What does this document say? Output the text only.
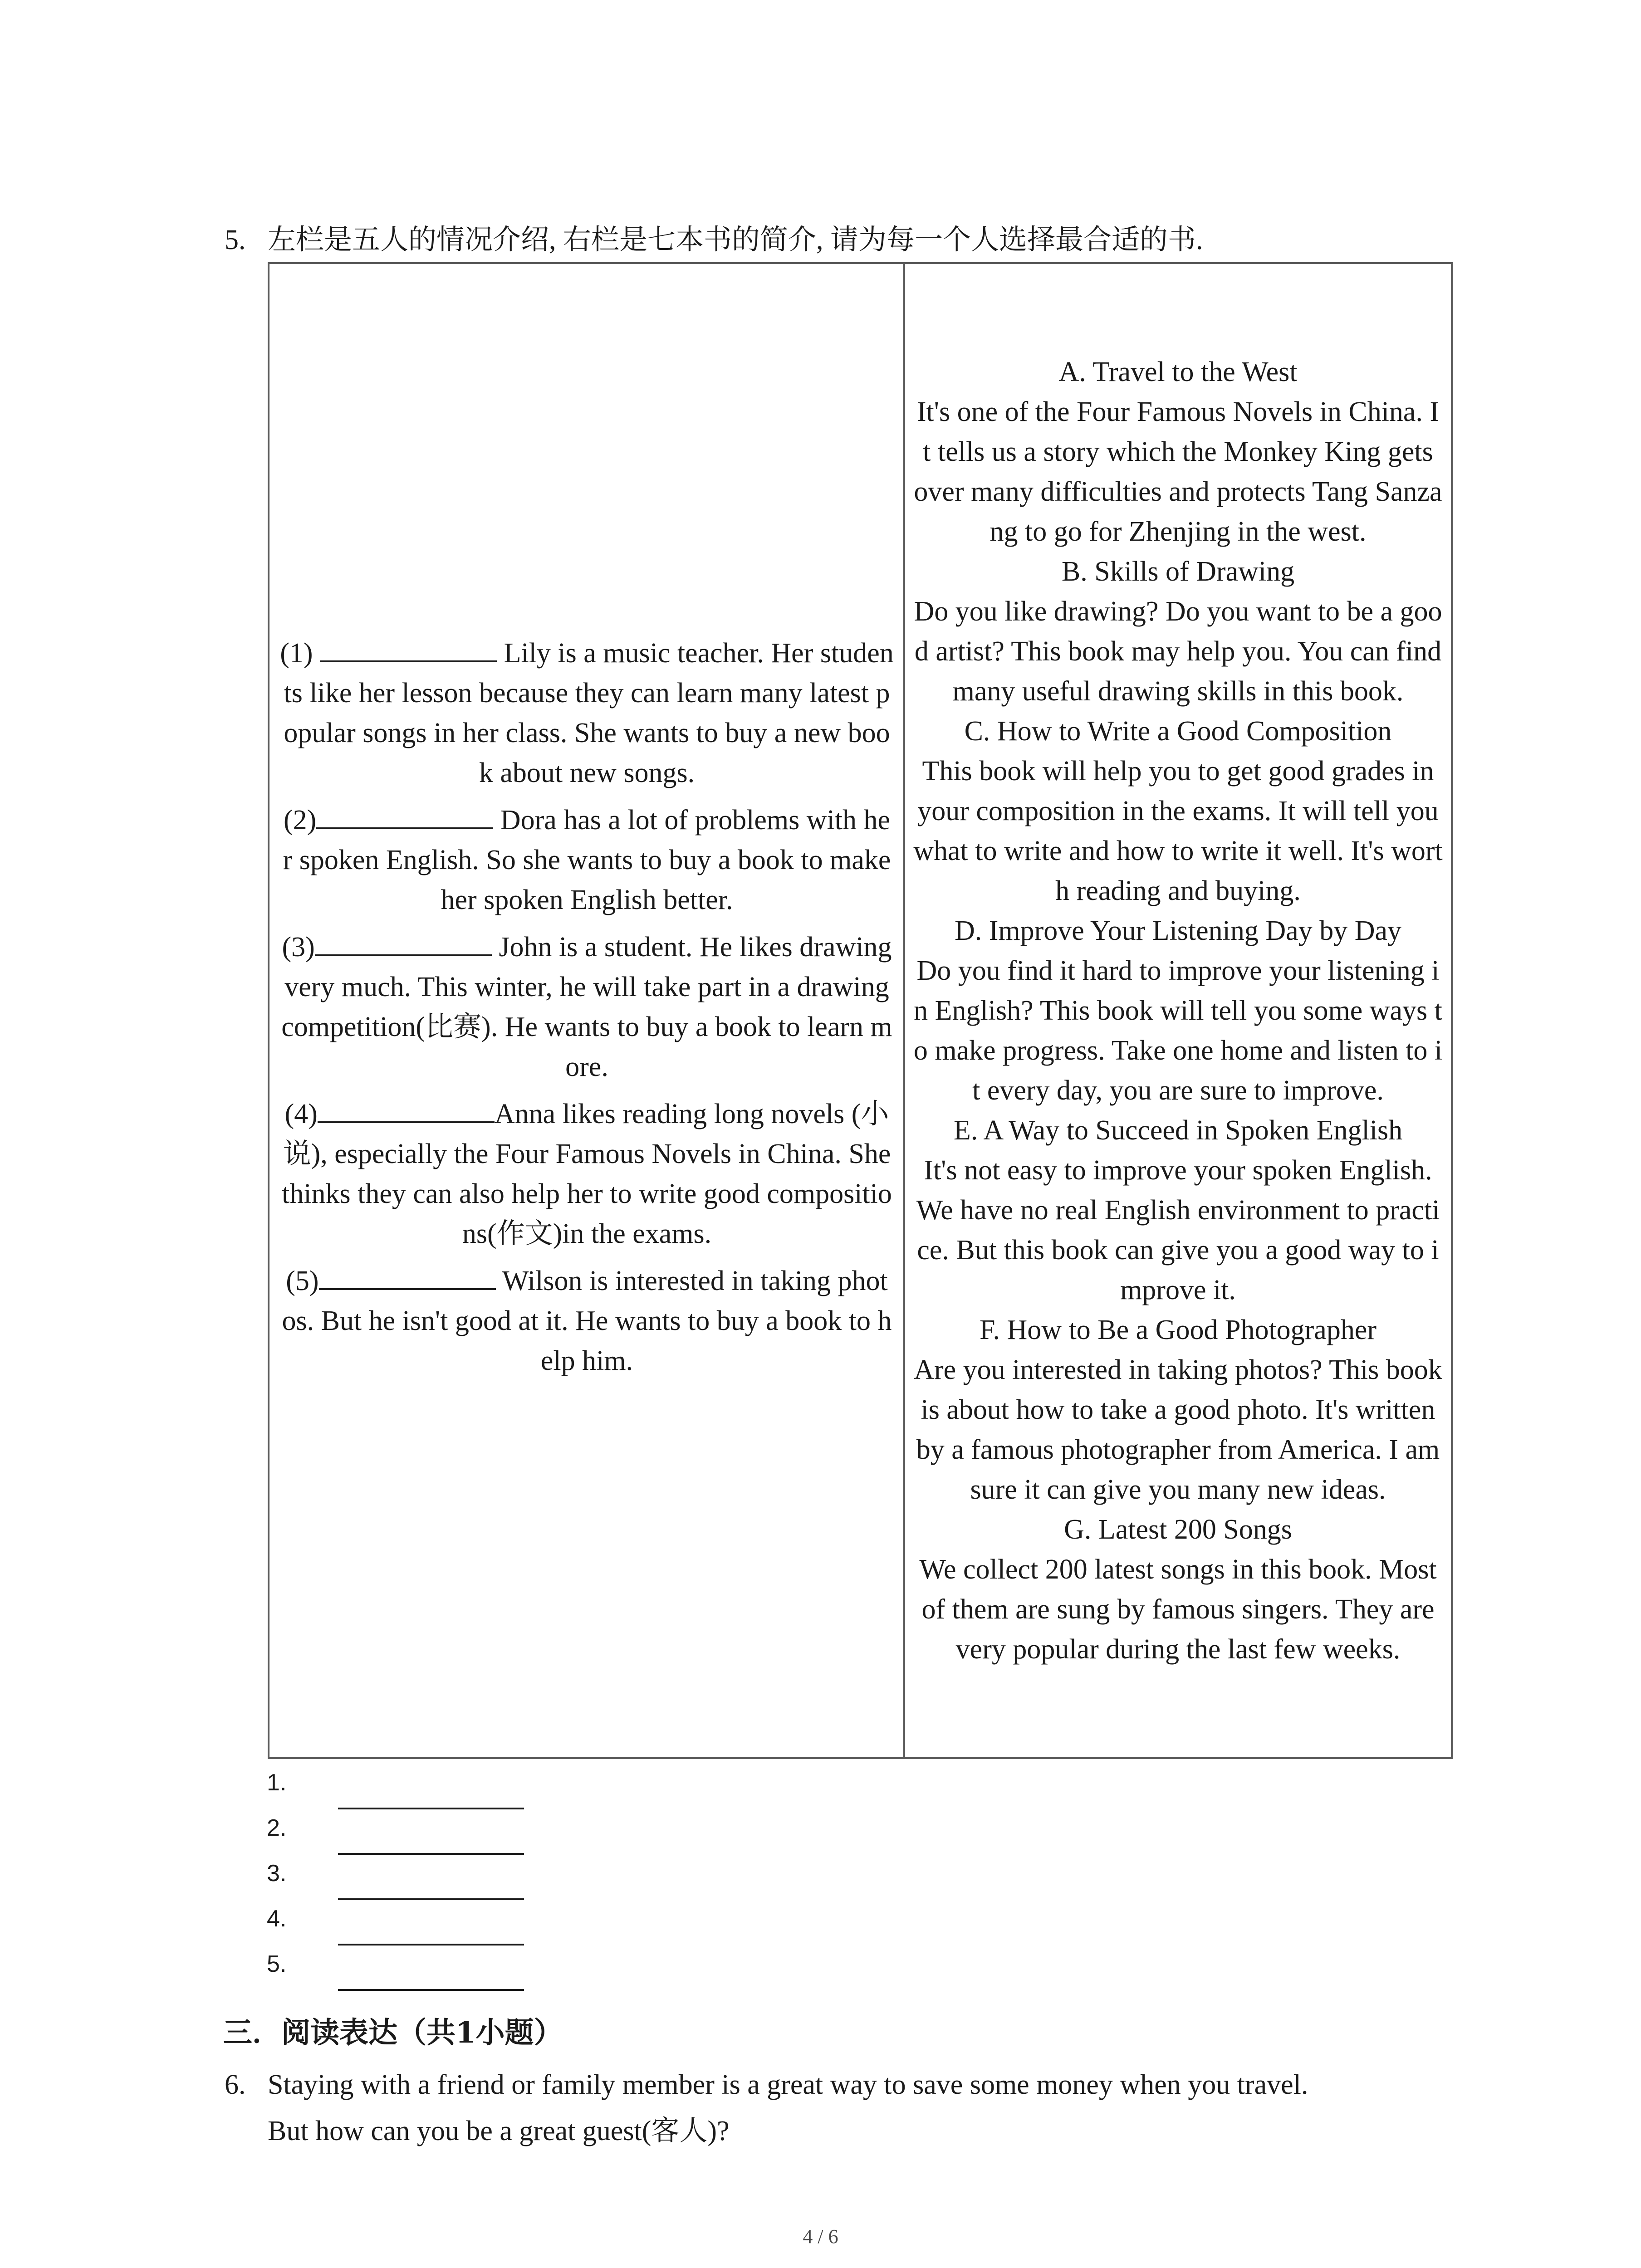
5. 左栏是五人的情况介绍, 右栏是七本书的简介, 请为每一个人选择最合适的书.
(1)	Lily is a music teacher. Her students like her lesson because they can learn many latest popular songs in her class. She wants to buy a new book about new songs.
(2)	Dora has a lot of problems with her spoken English. So she wants to buy a book to make her spoken English better.
(3)	John is a student. He likes drawing very much. This winter, he will take part in a drawing competition(比赛). He wants to buy a book to learn more.
(4)	Anna likes reading long novels (小说), especially the Four Famous Novels in China. She thinks they can also help her to write good compositions(作文)in the exams.
(5)	Wilson is interested in taking photos. But he isn't good at it. He wants to buy a book to help him.

A. Travel to the West
It's one of the Four Famous Novels in China. It tells us a story which the Monkey King gets over many difficulties and protects Tang Sanzang to go for Zhenjing in the west.
B. Skills of Drawing
Do you like drawing? Do you want to be a good artist? This book may help you. You can find many useful drawing skills in this book.
C. How to Write a Good Composition
This book will help you to get good grades in your composition in the exams. It will tell you what to write and how to write it well. It's worth reading and buying.
D. Improve Your Listening Day by Day
Do you find it hard to improve your listening in English? This book will tell you some ways to make progress. Take one home and listen to it every day, you are sure to improve.
E. A Way to Succeed in Spoken English
It's not easy to improve your spoken English. We have no real English environment to practice. But this book can give you a good way to improve it.
F. How to Be a Good Photographer
Are you interested in taking photos? This book is about how to take a good photo. It's written by a famous photographer from America. I am sure it can give you many new ideas.
G. Latest 200 Songs
We collect 200 latest songs in this book. Most of them are sung by famous singers. They are very popular during the last few weeks.
1.
2.
3.
4.
5.
三．阅读表达（共1小题）
6. Staying with a friend or family member is a great way to save some money when you travel.
But how can you be a great guest(客人)?
4 / 6
